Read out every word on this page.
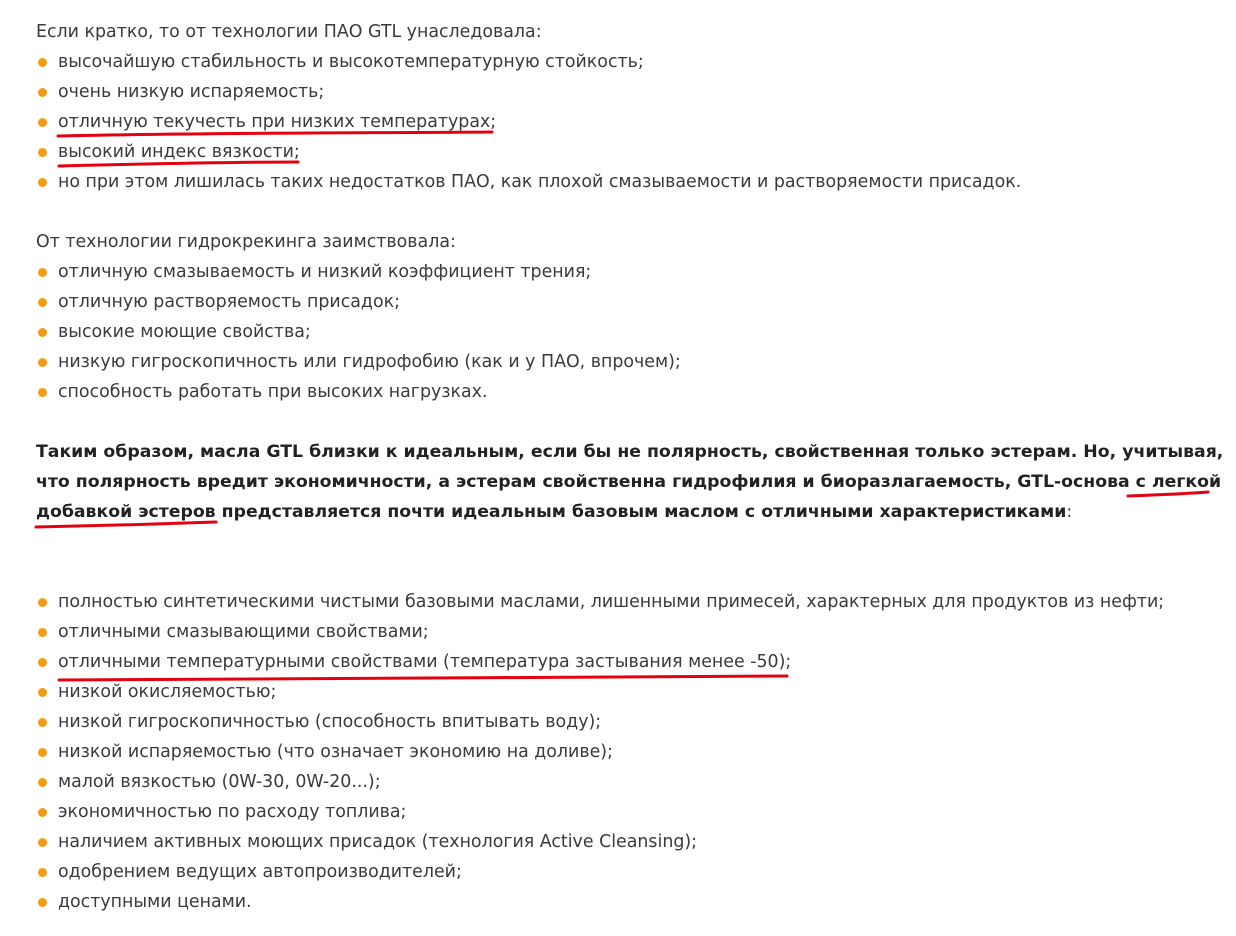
Если кратко, то от технологии ПАО GTL унаследовала:
высочайшую стабильность и высокотемпературную стойкость;
очень низкую испаряемость;
отличную текучесть при низких температурах;
высокий индекс вязкости;
но при этом лишилась таких недостатков ПАО, как плохой смазываемости и растворяемости присадок.
От технологии гидрокрекинга заимствовала:
отличную смазываемость и низкий коэффициент трения;
отличную растворяемость присадок;
высокие моющие свойства;
низкую гигроскопичность или гидрофобию (как и у ПАО, впрочем);
способность работать при высоких нагрузках.
Таким образом, масла GTL близки к идеальным, если бы не полярность, свойственная только эстерам. Но, учитывая,
что полярность вредит экономичности, а эстерам свойственна гидрофилия и биоразлагаемость, GTL-основа с легкой
добавкой эстеров представляется почти идеальным базовым маслом с отличными характеристиками:
полностью синтетическими чистыми базовыми маслами, лишенными примесей, характерных для продуктов из нефти;
отличными смазывающими свойствами;
отличными температурными свойствами (температура застывания менее -50);
низкой окисляемостью;
низкой гигроскопичностью (способность впитывать воду);
низкой испаряемостью (что означает экономию на доливе);
малой вязкостью (0W-30, 0W-20...);
экономичностью по расходу топлива;
наличием активных моющих присадок (технология Active Cleansing);
одобрением ведущих автопроизводителей;
доступными ценами.
